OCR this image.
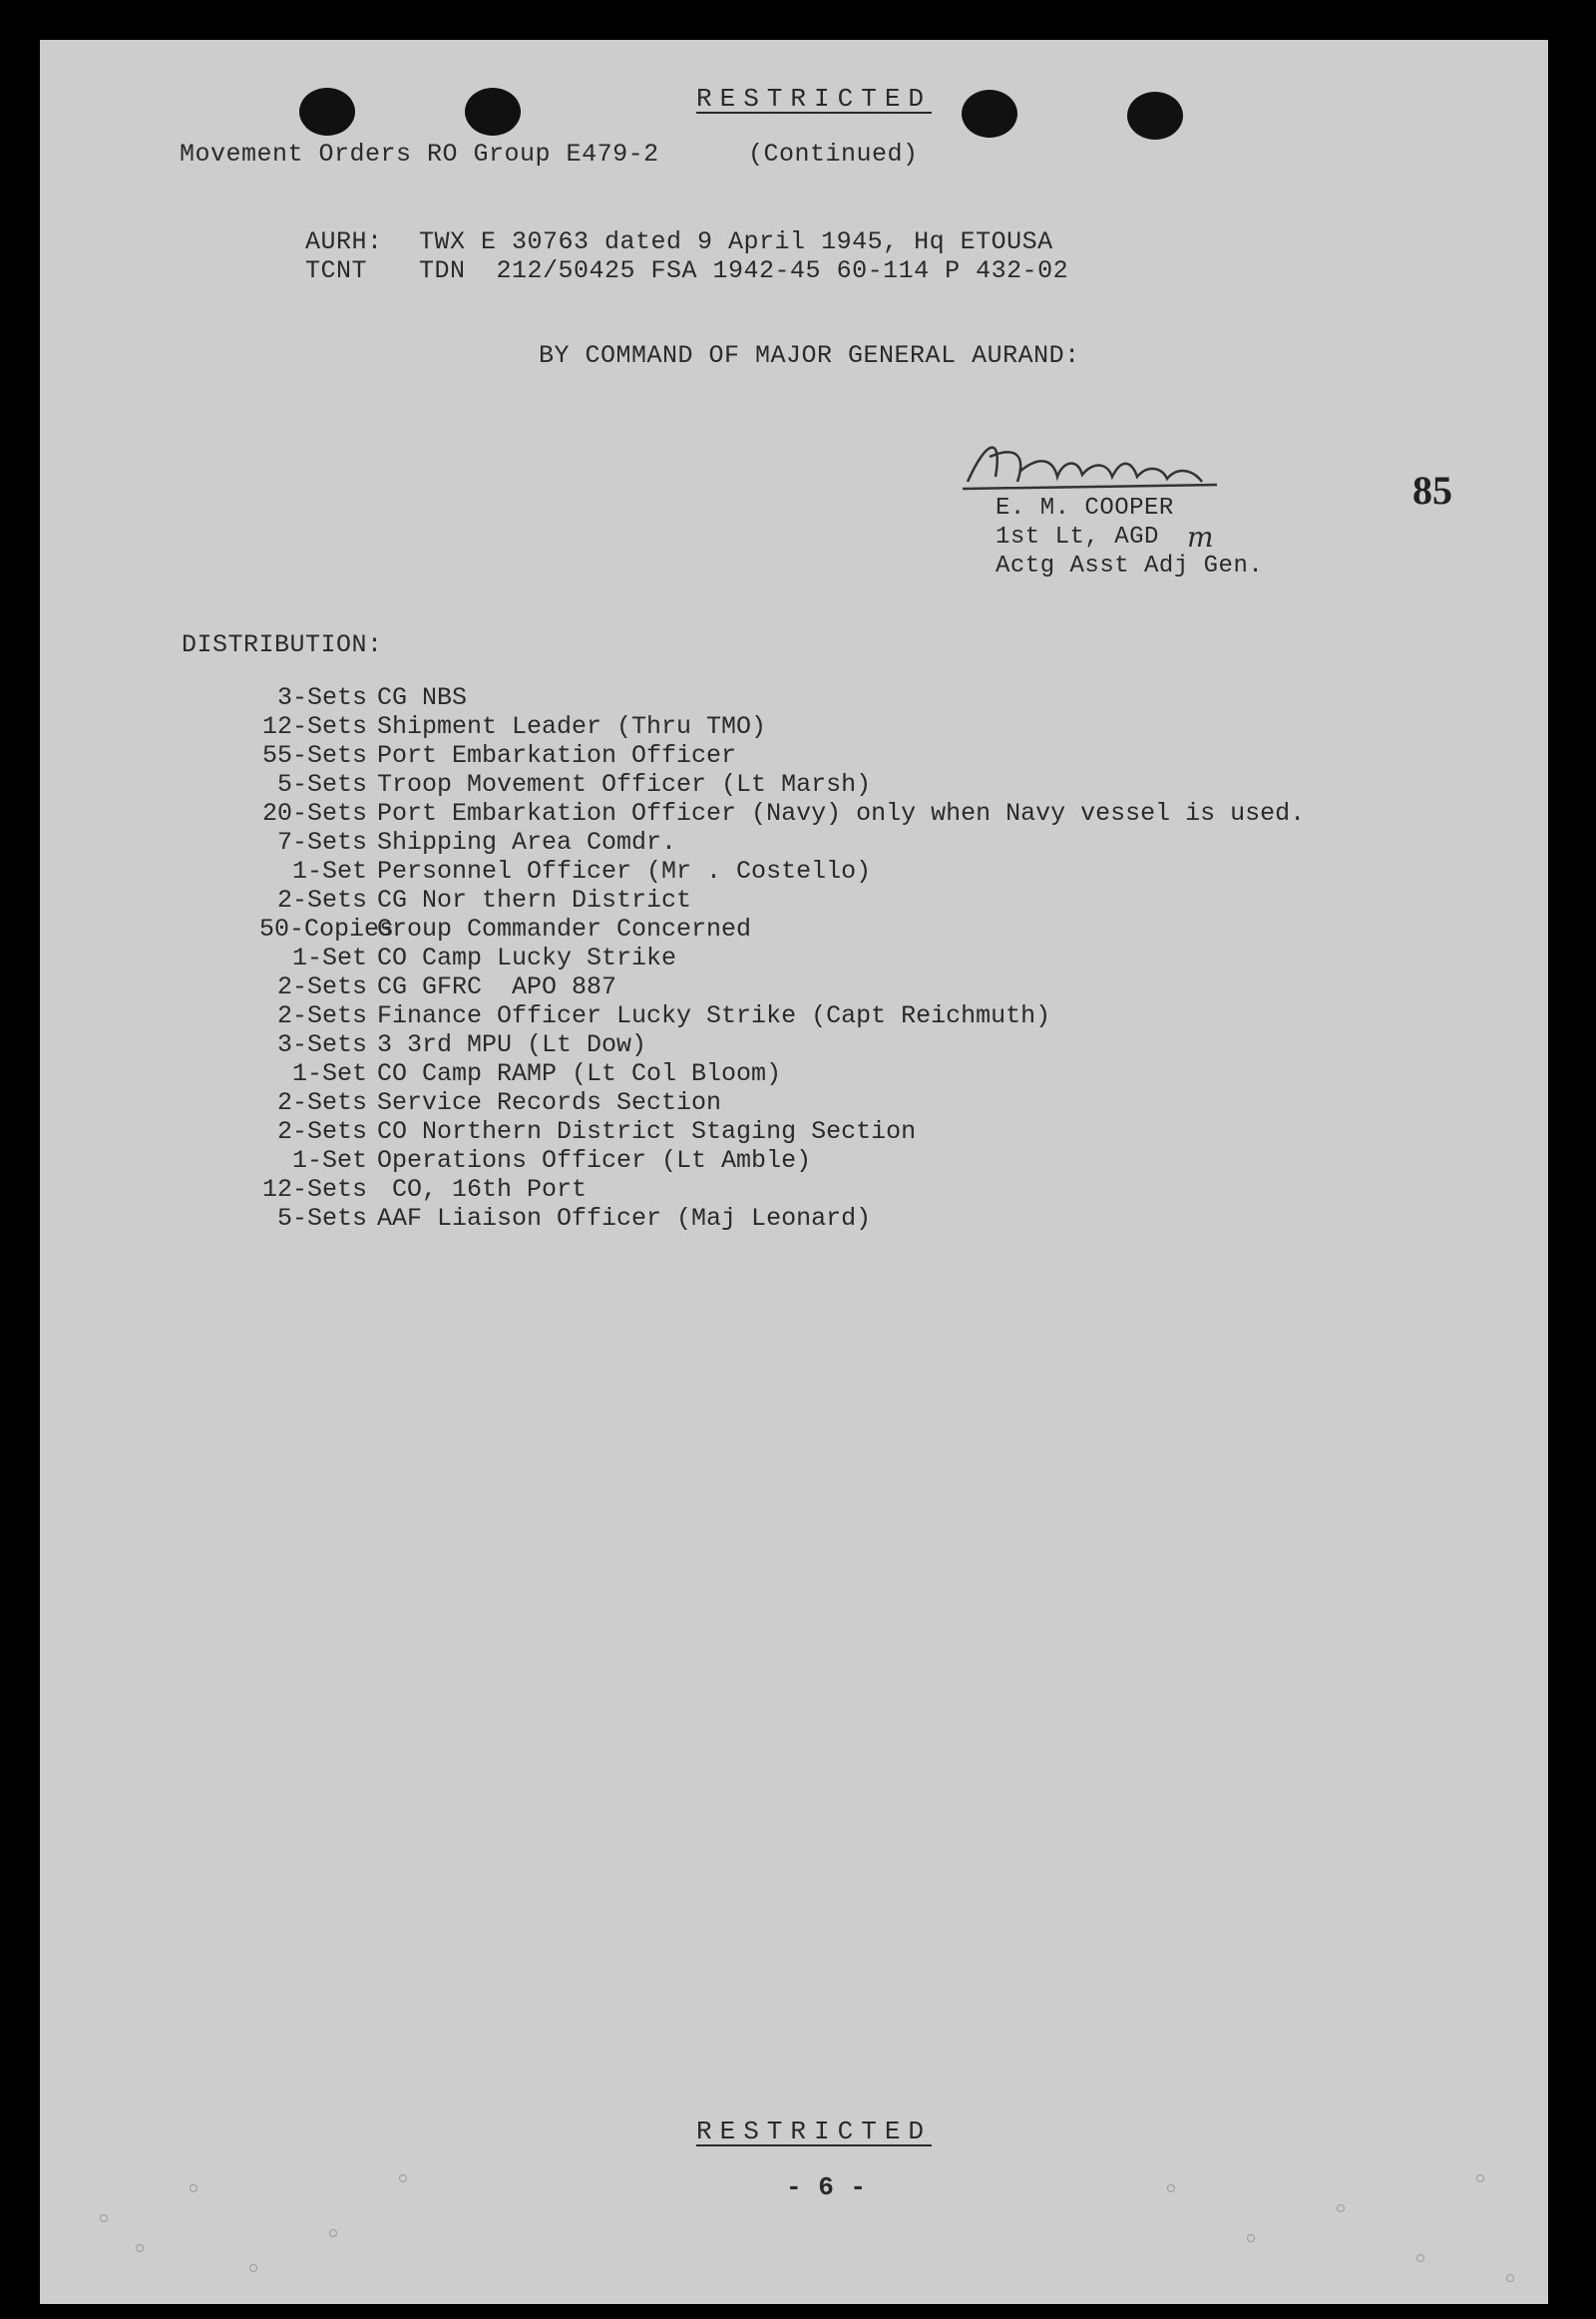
RESTRICTED
Movement Orders RO Group E479-2	(Continued)
AURH: TWX E 30763 dated 9 April 1945, Hq ETOUSA
TCNT TDN  212/50425 FSA 1942-45 60-114 P 432-02
BY COMMAND OF MAJOR GENERAL AURAND:
E. M. COOPER
1st Lt, AGD m
Actg Asst Adj Gen.
85
DISTRIBUTION:
3-Sets CG NBS
12-Sets Shipment Leader (Thru TMO)
55-Sets Port Embarkation Officer
5-Sets Troop Movement Officer (Lt Marsh)
20-Sets Port Embarkation Officer (Navy) only when Navy vessel is used.
7-Sets Shipping Area Comdr.
1-Set Personnel Officer (Mr . Costello)
2-Sets CG Nor thern District
50-Copies
Group Commander Concerned
1-Set CO Camp Lucky Strike
2-Sets CG GFRC  APO 887
2-Sets Finance Officer Lucky Strike (Capt Reichmuth)
3-Sets 3 3rd MPU (Lt Dow)
1-Set CO Camp RAMP (Lt Col Bloom)
2-Sets Service Records Section
2-Sets CO Northern District Staging Section
1-Set Operations Officer (Lt Amble)
12-Sets CO, 16th Port
5-Sets AAF Liaison Officer (Maj Leonard)
RESTRICTED
- 6 -
